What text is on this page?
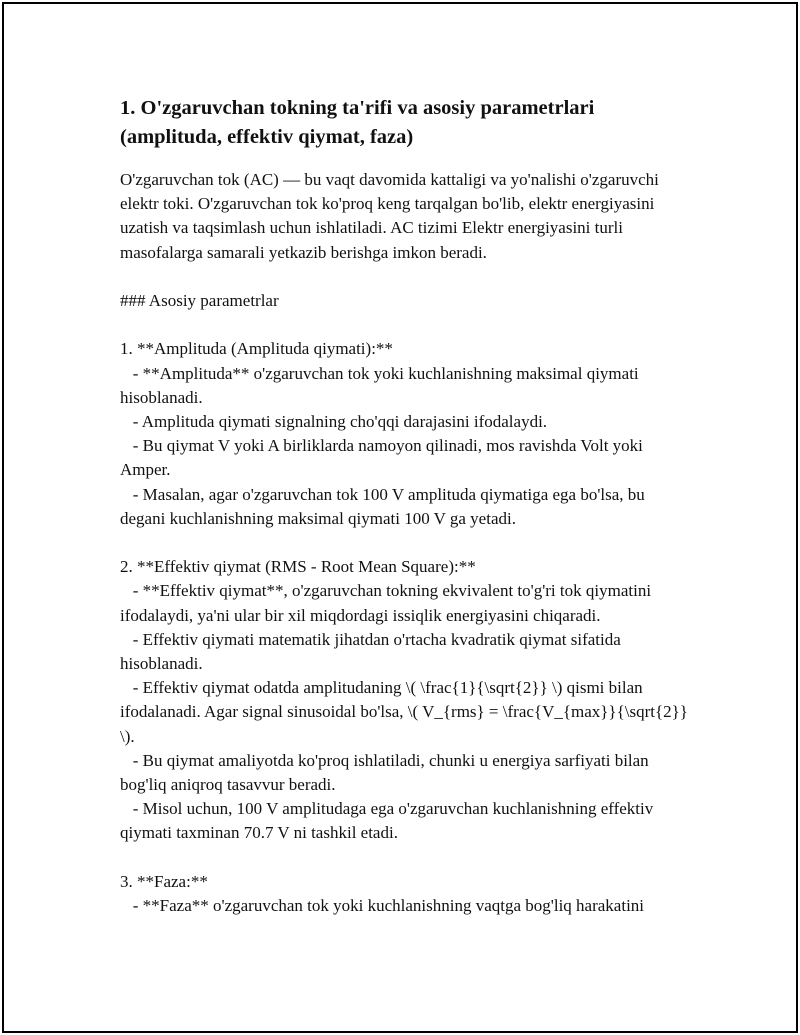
1. O'zgaruvchan tokning ta'rifi va asosiy parametrlari (amplituda, effektiv qiymat, faza)
O'zgaruvchan tok (AC) — bu vaqt davomida kattaligi va yo'nalishi o'zgaruvchi elektr toki. O'zgaruvchan tok ko'proq keng tarqalgan bo'lib, elektr energiyasini uzatish va taqsimlash uchun ishlatiladi. AC tizimi Elektr energiyasini turli masofalarga samarali yetkazib berishga imkon beradi.

### Asosiy parametrlar

1. **Amplituda (Amplituda qiymati):**
- **Amplituda** o'zgaruvchan tok yoki kuchlanishning maksimal qiymati hisoblanadi.
- Amplituda qiymati signalning cho'qqi darajasini ifodalaydi.
- Bu qiymat V yoki A birliklarda namoyon qilinadi, mos ravishda Volt yoki Amper.
- Masalan, agar o'zgaruvchan tok 100 V amplituda qiymatiga ega bo'lsa, bu degani kuchlanishning maksimal qiymati 100 V ga yetadi.

2. **Effektiv qiymat (RMS - Root Mean Square):**
- **Effektiv qiymat**, o'zgaruvchan tokning ekvivalent to'g'ri tok qiymatini ifodalaydi, ya'ni ular bir xil miqdordagi issiqlik energiyasini chiqaradi.
- Effektiv qiymati matematik jihatdan o'rtacha kvadratik qiymat sifatida hisoblanadi.
- Effektiv qiymat odatda amplitudaning \( \frac{1}{\sqrt{2}} \) qismi bilan ifodalanadi. Agar signal sinusoidal bo'lsa, \( V_{rms} = \frac{V_{max}}{\sqrt{2}} \).
- Bu qiymat amaliyotda ko'proq ishlatiladi, chunki u energiya sarfiyati bilan bog'liq aniqroq tasavvur beradi.
- Misol uchun, 100 V amplitudaga ega o'zgaruvchan kuchlanishning effektiv qiymati taxminan 70.7 V ni tashkil etadi.

3. **Faza:**
- **Faza** o'zgaruvchan tok yoki kuchlanishning vaqtga bog'liq harakatini
